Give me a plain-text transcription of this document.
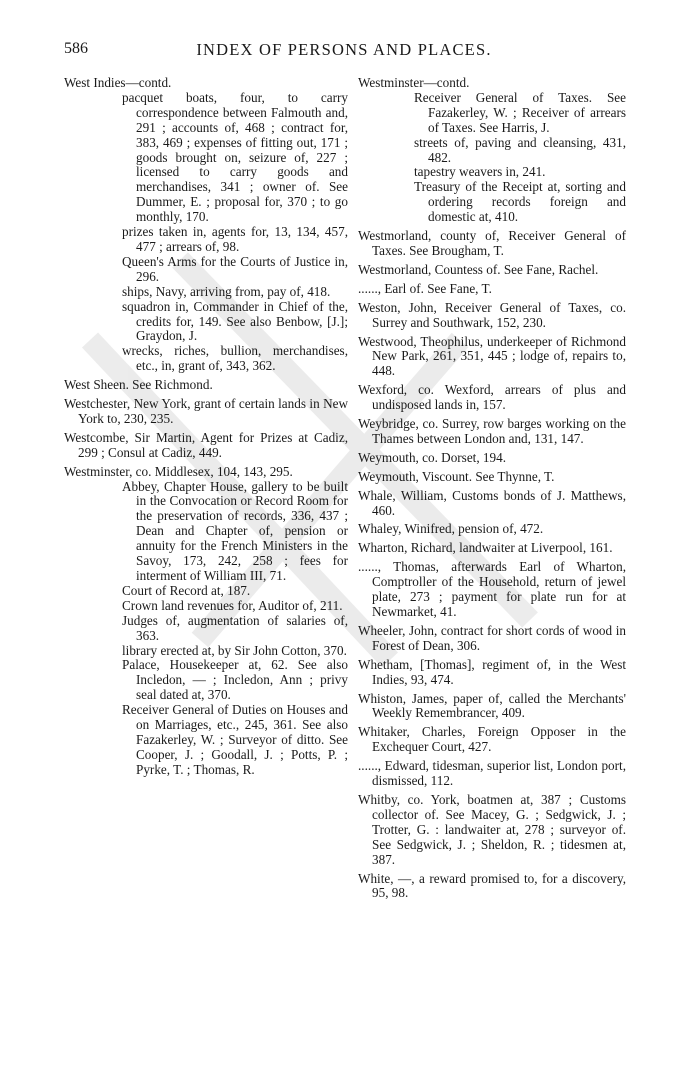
586	INDEX OF PERSONS AND PLACES.
West Indies—contd.
pacquet boats, four, to carry correspondence between Falmouth and, 291 ; accounts of, 468 ; contract for, 383, 469 ; expenses of fitting out, 171 ; goods brought on, seizure of, 227 ; licensed to carry goods and merchandises, 341 ; owner of. See Dummer, E. ; proposal for, 370 ; to go monthly, 170.
prizes taken in, agents for, 13, 134, 457, 477 ; arrears of, 98.
Queen's Arms for the Courts of Justice in, 296.
ships, Navy, arriving from, pay of, 418.
squadron in, Commander in Chief of the, credits for, 149. See also Benbow, [J.]; Graydon, J.
wrecks, riches, bullion, merchandises, etc., in, grant of, 343, 362.
West Sheen. See Richmond.
Westchester, New York, grant of certain lands in New York to, 230, 235.
Westcombe, Sir Martin, Agent for Prizes at Cadiz, 299 ; Consul at Cadiz, 449.
Westminster, co. Middlesex, 104, 143, 295.
Abbey, Chapter House, gallery to be built in the Convocation or Record Room for the preservation of records, 336, 437 ; Dean and Chapter of, pension or annuity for the French Ministers in the Savoy, 173, 242, 258 ; fees for interment of William III, 71.
Court of Record at, 187.
Crown land revenues for, Auditor of, 211.
Judges of, augmentation of salaries of, 363.
library erected at, by Sir John Cotton, 370.
Palace, Housekeeper at, 62. See also Incledon, — ; Incledon, Ann ; privy seal dated at, 370.
Receiver General of Duties on Houses and on Marriages, etc., 245, 361. See also Fazakerley, W. ; Surveyor of ditto. See Cooper, J. ; Goodall, J. ; Potts, P. ; Pyrke, T. ; Thomas, R.
Westminster—contd.
Receiver General of Taxes. See Fazakerley, W. ; Receiver of arrears of Taxes. See Harris, J.
streets of, paving and cleansing, 431, 482.
tapestry weavers in, 241.
Treasury of the Receipt at, sorting and ordering records foreign and domestic at, 410.
Westmorland, county of, Receiver General of Taxes. See Brougham, T.
Westmorland, Countess of. See Fane, Rachel.
......, Earl of. See Fane, T.
Weston, John, Receiver General of Taxes, co. Surrey and Southwark, 152, 230.
Westwood, Theophilus, underkeeper of Richmond New Park, 261, 351, 445 ; lodge of, repairs to, 448.
Wexford, co. Wexford, arrears of plus and undisposed lands in, 157.
Weybridge, co. Surrey, row barges working on the Thames between London and, 131, 147.
Weymouth, co. Dorset, 194.
Weymouth, Viscount. See Thynne, T.
Whale, William, Customs bonds of J. Matthews, 460.
Whaley, Winifred, pension of, 472.
Wharton, Richard, landwaiter at Liverpool, 161.
......, Thomas, afterwards Earl of Wharton, Comptroller of the Household, return of jewel plate, 273 ; payment for plate run for at Newmarket, 41.
Wheeler, John, contract for short cords of wood in Forest of Dean, 306.
Whetham, [Thomas], regiment of, in the West Indies, 93, 474.
Whiston, James, paper of, called the Merchants' Weekly Remembrancer, 409.
Whitaker, Charles, Foreign Opposer in the Exchequer Court, 427.
......, Edward, tidesman, superior list, London port, dismissed, 112.
Whitby, co. York, boatmen at, 387 ; Customs collector of. See Macey, G. ; Sedgwick, J. ; Trotter, G. : landwaiter at, 278 ; surveyor of. See Sedgwick, J. ; Sheldon, R. ; tidesmen at, 387.
White, —, a reward promised to, for a discovery, 95, 98.
